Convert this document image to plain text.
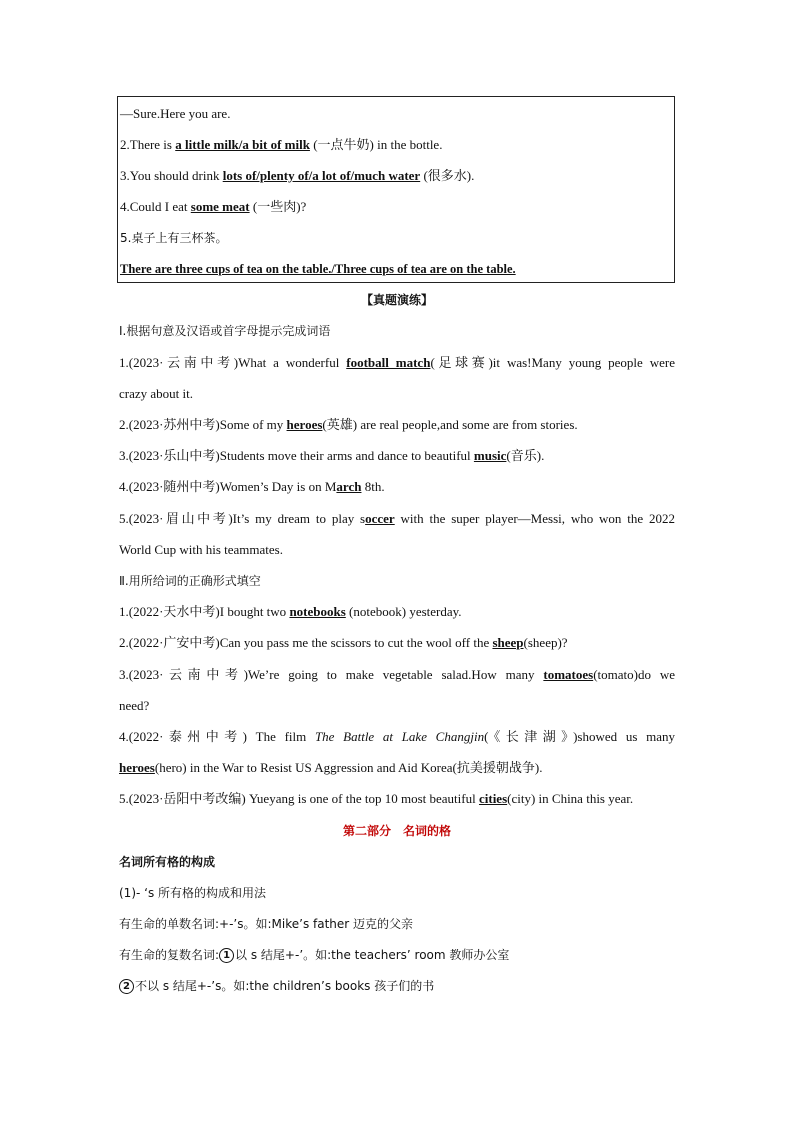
—Sure.Here you are.
2.There is a little milk/a bit of milk (一点牛奶) in the bottle.
3.You should drink lots of/plenty of/a lot of/much water (很多水).
4.Could I eat some meat (一些肉)?
5.桌子上有三杯茶。
There are three cups of tea on the table./Three cups of tea are on the table.
【真题演练】
Ⅰ.根据句意及汉语或首字母提示完成词语
1.(2023·云南中考)What a wonderful football match(足球赛)it was!Many young people were
crazy about it.
2.(2023·苏州中考)Some of my heroes(英雄) are real people,and some are from stories.
3.(2023·乐山中考)Students move their arms and dance to beautiful music(音乐).
4.(2023·随州中考)Women’s Day is on March 8th.
5.(2023·眉山中考)It’s my dream to play soccer with the super player—Messi, who won the 2022
World Cup with his teammates.
Ⅱ.用所给词的正确形式填空
1.(2022·天水中考)I bought two notebooks (notebook) yesterday.
2.(2022·广安中考)Can you pass me the scissors to cut the wool off the sheep(sheep)?
3.(2023·云南中考)We’re going to make vegetable salad.How many tomatoes(tomato)do we
need?
4.(2022·泰州中考) The film The Battle at Lake Changjin(《长津湖》)showed us many
heroes(hero) in the War to Resist US Aggression and Aid Korea(抗美援朝战争).
5.(2023·岳阳中考改编) Yueyang is one of the top 10 most beautiful cities(city) in China this year.
第二部分　名词的格
名词所有格的构成
(1)- ‘s 所有格的构成和用法
有生命的单数名词:+-’s。如:Mike’s father 迈克的父亲
有生命的复数名词: 1 以 s 结尾+-’。如:the teachers’ room 教师办公室
2 不以 s 结尾+-’s。如:the children’s books 孩子们的书
